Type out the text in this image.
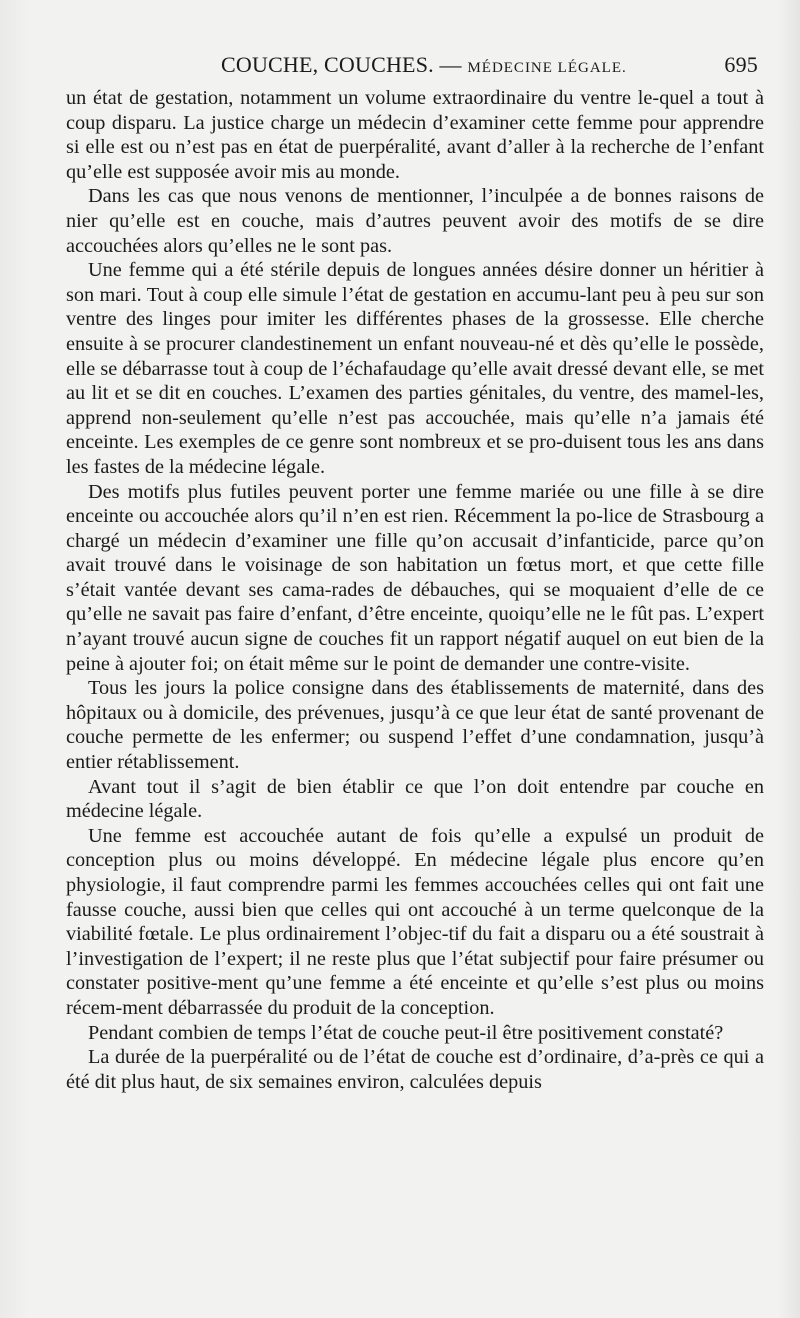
COUCHE, COUCHES. — MÉDECINE LÉGALE.	695

un état de gestation, notamment un volume extraordinaire du ventre le-quel a tout à coup disparu. La justice charge un médecin d’examiner cette femme pour apprendre si elle est ou n’est pas en état de puerpéralité, avant d’aller à la recherche de l’enfant qu’elle est supposée avoir mis au monde.

Dans les cas que nous venons de mentionner, l’inculpée a de bonnes raisons de nier qu’elle est en couche, mais d’autres peuvent avoir des motifs de se dire accouchées alors qu’elles ne le sont pas.

Une femme qui a été stérile depuis de longues années désire donner un héritier à son mari. Tout à coup elle simule l’état de gestation en accumu-lant peu à peu sur son ventre des linges pour imiter les différentes phases de la grossesse. Elle cherche ensuite à se procurer clandestinement un enfant nouveau-né et dès qu’elle le possède, elle se débarrasse tout à coup de l’échafaudage qu’elle avait dressé devant elle, se met au lit et se dit en couches. L’examen des parties génitales, du ventre, des mamel-les, apprend non-seulement qu’elle n’est pas accouchée, mais qu’elle n’a jamais été enceinte. Les exemples de ce genre sont nombreux et se pro-duisent tous les ans dans les fastes de la médecine légale.

Des motifs plus futiles peuvent porter une femme mariée ou une fille à se dire enceinte ou accouchée alors qu’il n’en est rien. Récemment la po-lice de Strasbourg a chargé un médecin d’examiner une fille qu’on accusait d’infanticide, parce qu’on avait trouvé dans le voisinage de son habitation un fœtus mort, et que cette fille s’était vantée devant ses cama-rades de débauches, qui se moquaient d’elle de ce qu’elle ne savait pas faire d’enfant, d’être enceinte, quoiqu’elle ne le fût pas. L’expert n’ayant trouvé aucun signe de couches fit un rapport négatif auquel on eut bien de la peine à ajouter foi; on était même sur le point de demander une contre-visite.

Tous les jours la police consigne dans des établissements de maternité, dans des hôpitaux ou à domicile, des prévenues, jusqu’à ce que leur état de santé provenant de couche permette de les enfermer; ou suspend l’effet d’une condamnation, jusqu’à entier rétablissement.

Avant tout il s’agit de bien établir ce que l’on doit entendre par couche en médecine légale.

Une femme est accouchée autant de fois qu’elle a expulsé un produit de conception plus ou moins développé. En médecine légale plus encore qu’en physiologie, il faut comprendre parmi les femmes accouchées celles qui ont fait une fausse couche, aussi bien que celles qui ont accouché à un terme quelconque de la viabilité fœtale. Le plus ordinairement l’objec-tif du fait a disparu ou a été soustrait à l’investigation de l’expert; il ne reste plus que l’état subjectif pour faire présumer ou constater positive-ment qu’une femme a été enceinte et qu’elle s’est plus ou moins récem-ment débarrassée du produit de la conception.

Pendant combien de temps l’état de couche peut-il être positivement constaté?

La durée de la puerpéralité ou de l’état de couche est d’ordinaire, d’a-près ce qui a été dit plus haut, de six semaines environ, calculées depuis
